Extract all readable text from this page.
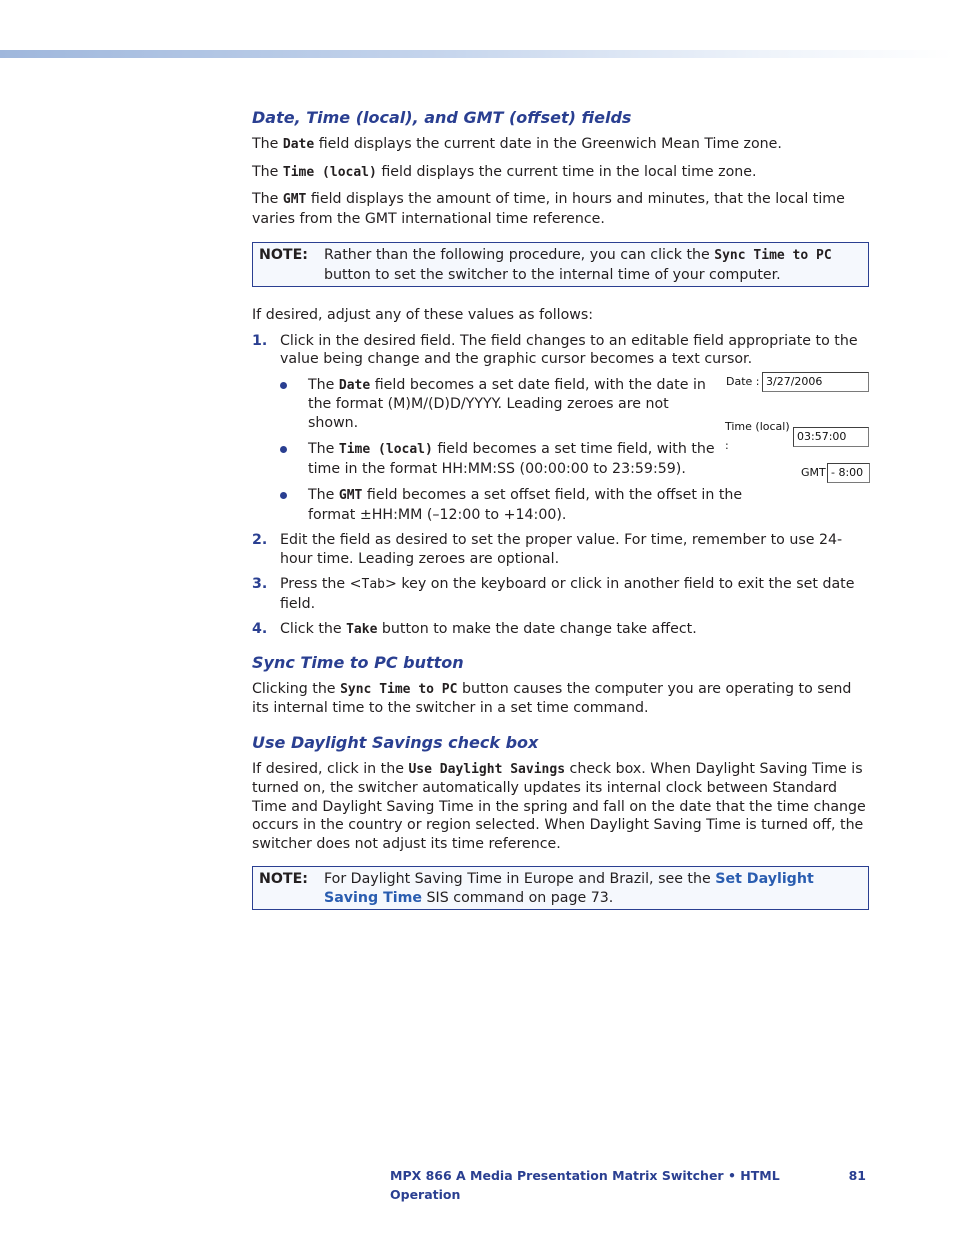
Date, Time (local), and GMT (offset) fields

The Date field displays the current date in the Greenwich Mean Time zone.

The Time (local) field displays the current time in the local time zone.

The GMT field displays the amount of time, in hours and minutes, that the local time varies from the GMT international time reference.

NOTE:	Rather than the following procedure, you can click the Sync Time to PC button to set the switcher to the internal time of your computer.

If desired, adjust any of these values as follows:

1. Click in the desired field. The field changes to an editable field appropriate to the value being change and the graphic cursor becomes a text cursor.
The Date field becomes a set date field, with the date in the format (M)M/(D)D/YYYY. Leading zeroes are not shown.
The Time (local) field becomes a set time field, with the time in the format HH:MM:SS (00:00:00 to 23:59:59).
The GMT field becomes a set offset field, with the offset in the format ±HH:MM (–12:00 to +14:00).
2. Edit the field as desired to set the proper value. For time, remember to use 24-hour time. Leading zeroes are optional.
3. Press the <Tab> key on the keyboard or click in another field to exit the set date field.
4. Click the Take button to make the date change take affect.
Sync Time to PC button

Clicking the Sync Time to PC button causes the computer you are operating to send its internal time to the switcher in a set time command.

Use Daylight Savings check box

If desired, click in the Use Daylight Savings check box. When Daylight Saving Time is turned on, the switcher automatically updates its internal clock between Standard Time and Daylight Saving Time in the spring and fall on the date that the time change occurs in the country or region selected. When Daylight Saving Time is turned off, the switcher does not adjust its time reference.

NOTE:	For Daylight Saving Time in Europe and Brazil, see the Set Daylight Saving Time SIS command on page 73.
Date : 3/27/2006
Time (local) :
03:57:00
GMT - 8:00
MPX 866 A Media Presentation Matrix Switcher • HTML Operation
81
